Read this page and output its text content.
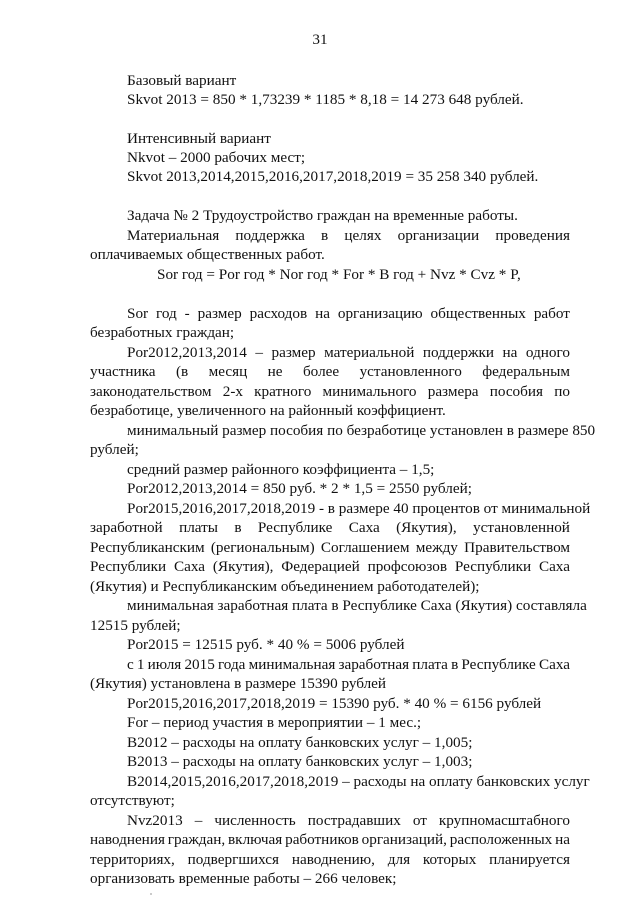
31
Базовый вариант
Skvot 2013 = 850 * 1,73239 * 1185 * 8,18 = 14 273 648 рублей.
Интенсивный вариант
Nkvot – 2000 рабочих мест;
Skvot 2013,2014,2015,2016,2017,2018,2019 = 35 258 340 рублей.
Задача № 2 Трудоустройство граждан на временные работы.
Материальная поддержка в целях организации проведения
оплачиваемых общественных работ.
Sor год = Por год * Nor год * For * B год + Nvz * Cvz * P,
Sor год - размер расходов на организацию общественных работ
безработных граждан;
Por2012,2013,2014 – размер материальной поддержки на одного
участника (в месяц не более установленного федеральным
законодательством 2-х кратного минимального размера пособия по
безработице, увеличенного на районный коэффициент.
минимальный размер пособия по безработице установлен в размере 850
рублей;
средний размер районного коэффициента – 1,5;
Por2012,2013,2014 = 850 руб. * 2 * 1,5 = 2550 рублей;
Por2015,2016,2017,2018,2019 - в размере 40 процентов от минимальной
заработной платы в Республике Саха (Якутия), установленной
Республиканским (региональным) Соглашением между Правительством
Республики Саха (Якутия), Федерацией профсоюзов Республики Саха
(Якутия) и Республиканским объединением работодателей);
минимальная заработная плата в Республике Саха (Якутия) составляла
12515 рублей;
Por2015 = 12515 руб. * 40 % = 5006 рублей
с 1 июля 2015 года минимальная заработная плата в Республике Саха
(Якутия) установлена в размере 15390 рублей
Por2015,2016,2017,2018,2019 = 15390 руб. * 40 % = 6156 рублей
For – период участия в мероприятии – 1 мес.;
B2012 – расходы на оплату банковских услуг – 1,005;
B2013 – расходы на оплату банковских услуг – 1,003;
B2014,2015,2016,2017,2018,2019 – расходы на оплату банковских услуг
отсутствуют;
Nvz2013 – численность пострадавших от крупномасштабного
наводнения граждан, включая работников организаций, расположенных на
территориях, подвергшихся наводнению, для которых планируется
организовать временные работы – 266 человек;
